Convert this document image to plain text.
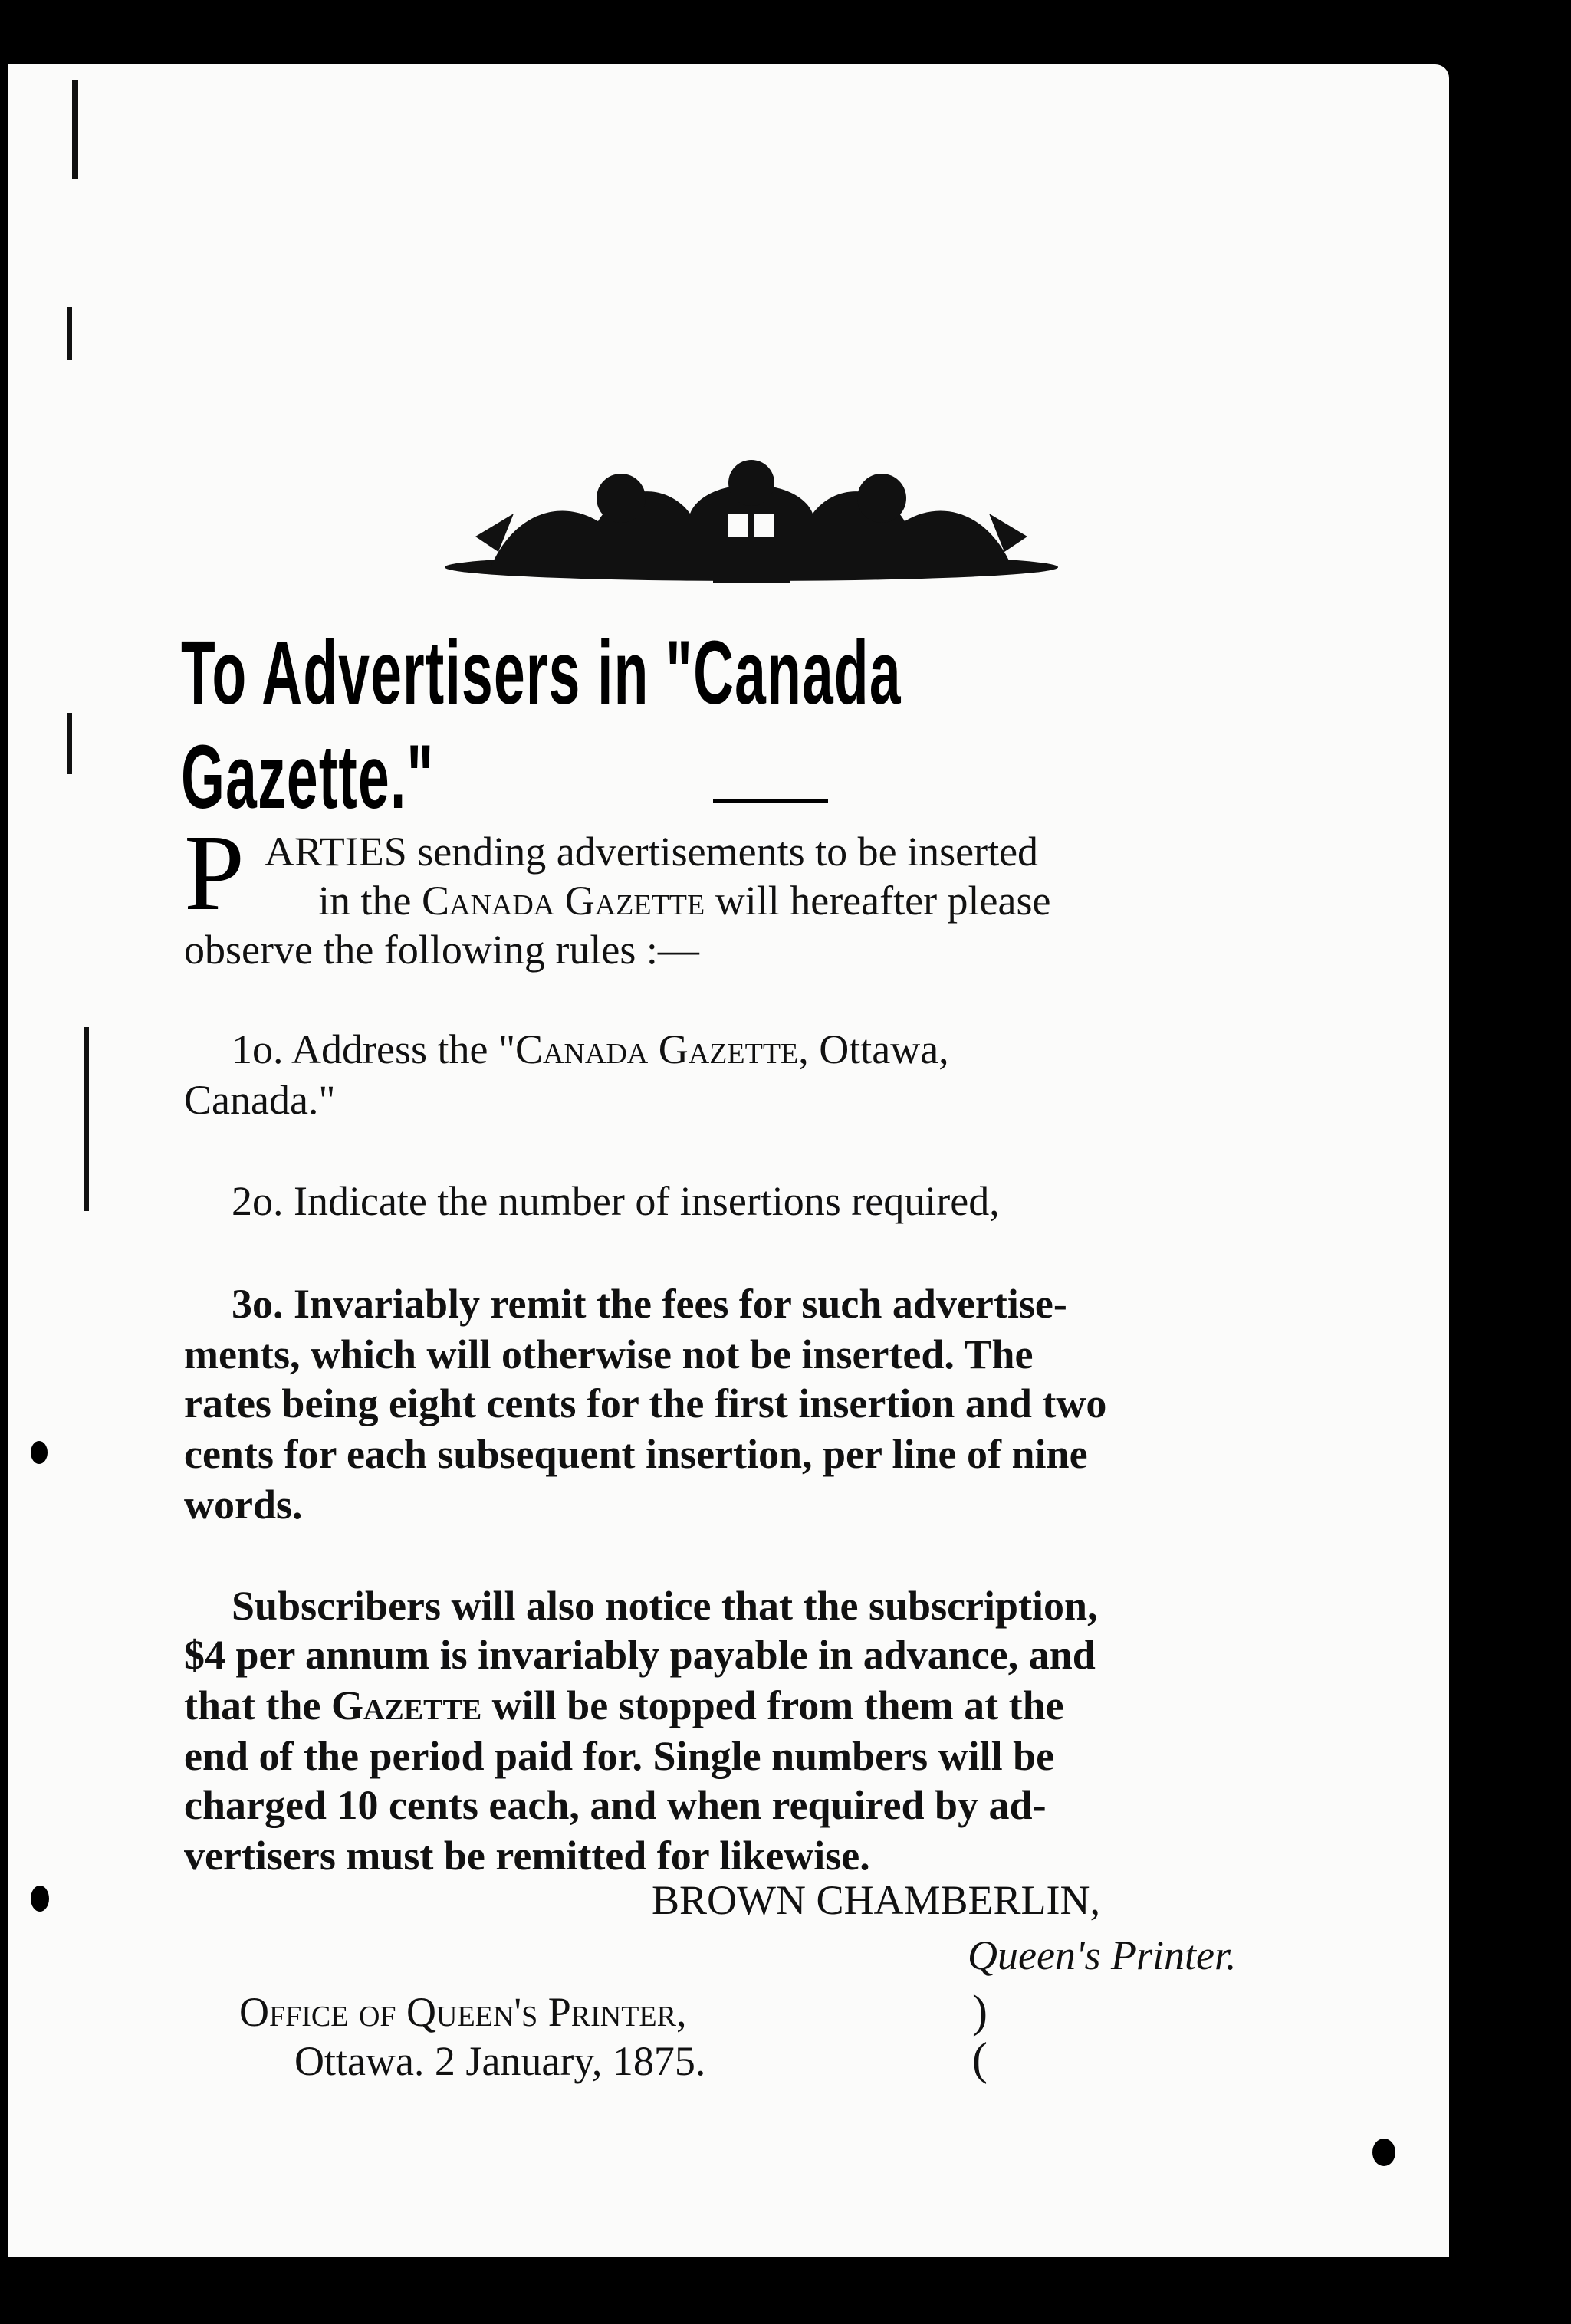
To Advertisers in "Canada Gazette."
P ARTIES sending advertisements to be inserted
in the Canada Gazette will hereafter please
observe the following rules :—
1o. Address the "Canada Gazette, Ottawa,
Canada."
2o. Indicate the number of insertions required,
3o. Invariably remit the fees for such advertise-
ments, which will otherwise not be inserted. The
rates being eight cents for the first insertion and two
cents for each subsequent insertion, per line of nine
words.
Subscribers will also notice that the subscription,
$4 per annum is invariably payable in advance, and
that the Gazette will be stopped from them at the
end of the period paid for. Single numbers will be
charged 10 cents each, and when required by ad-
vertisers must be remitted for likewise.
BROWN CHAMBERLIN,
Queen's Printer.
Office of Queen's Printer,
Ottawa. 2 January, 1875.
)
(
